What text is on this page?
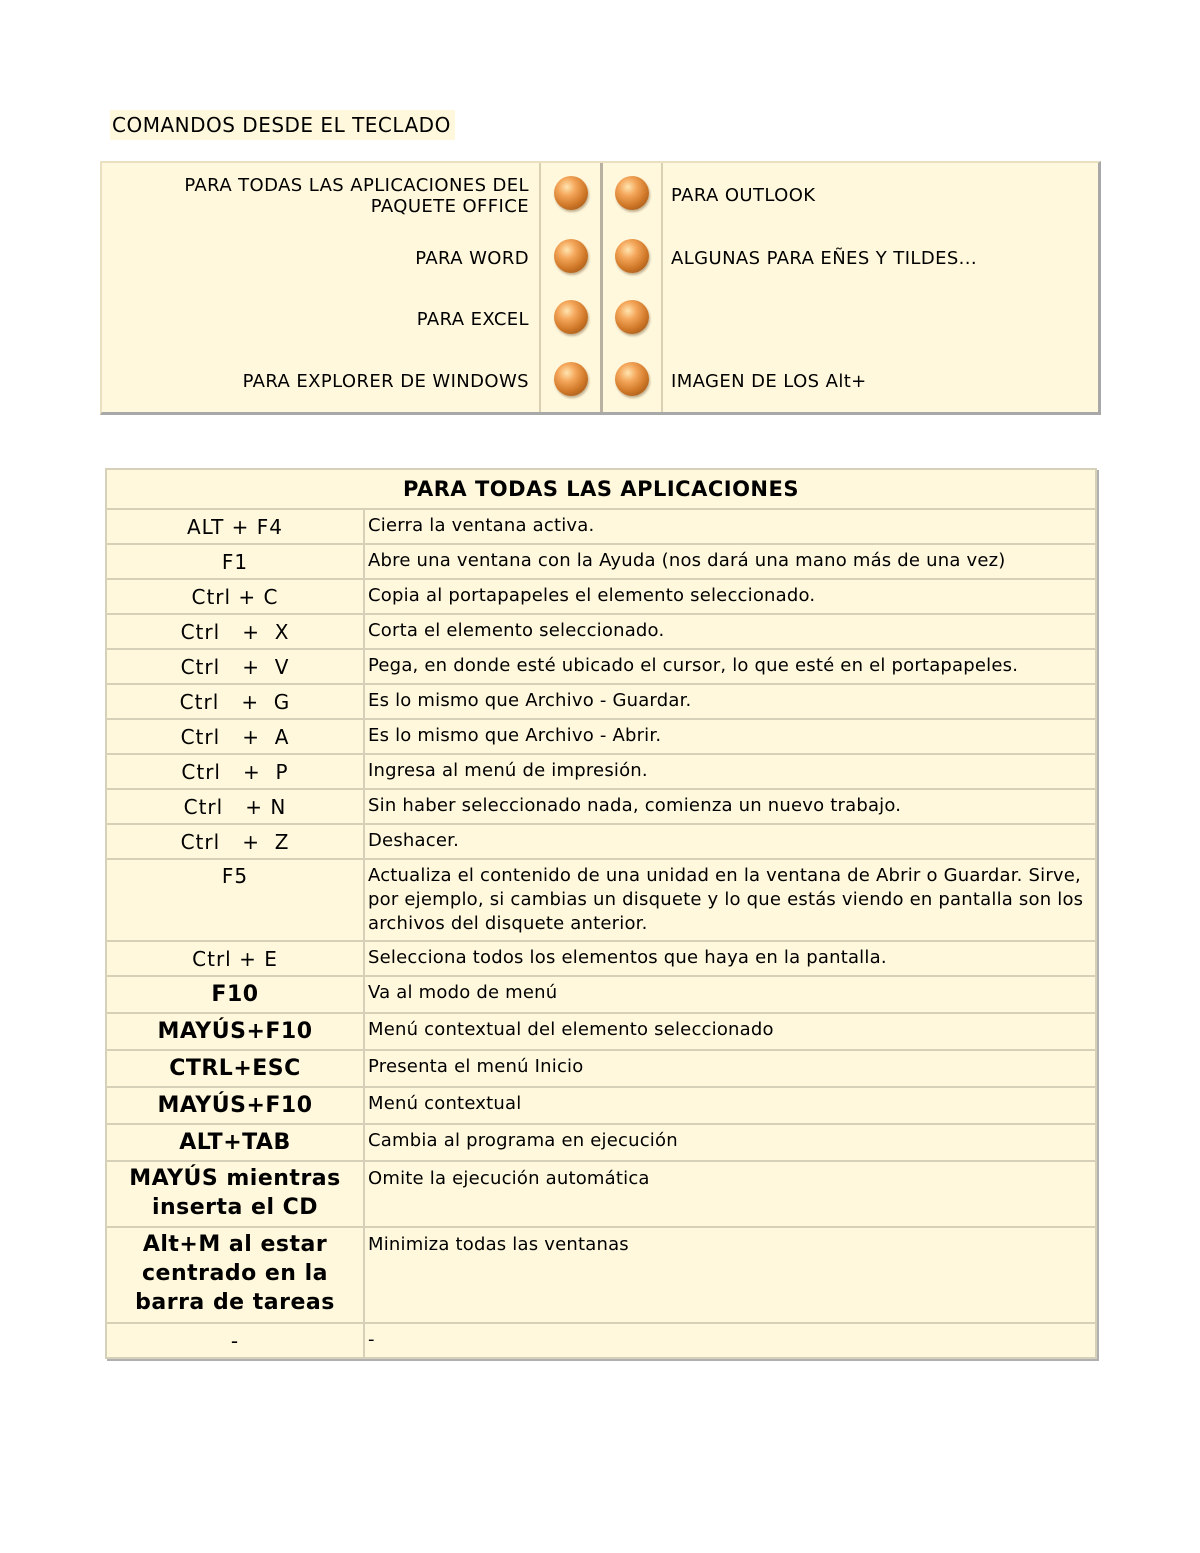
COMANDOS DESDE EL TECLADO
PARA TODAS LAS APLICACIONES DEL
PAQUETE OFFICE			PARA OUTLOOK
PARA WORD			ALGUNAS PARA EÑES Y TILDES...
PARA EXCEL			
PARA EXPLORER DE WINDOWS			IMAGEN DE LOS Alt+
PARA TODAS LAS APLICACIONES	
ALT + F4	Cierra la ventana activa.
F1	Abre una ventana con la Ayuda (nos dará una mano más de una vez)
Ctrl + C	Copia al portapapeles el elemento seleccionado.
Ctrl   +  X	Corta el elemento seleccionado.
Ctrl   +  V	Pega, en donde esté ubicado el cursor, lo que esté en el portapapeles.
Ctrl   +  G	Es lo mismo que Archivo - Guardar.
Ctrl   +  A	Es lo mismo que Archivo - Abrir.
Ctrl   +  P	Ingresa al menú de impresión.
Ctrl   + N	Sin haber seleccionado nada, comienza un nuevo trabajo.
Ctrl   +  Z	Deshacer.
F5	Actualiza el contenido de una unidad en la ventana de Abrir o Guardar. Sirve, por ejemplo, si cambias un disquete y lo que estás viendo en pantalla son los archivos del disquete anterior.
Ctrl + E	Selecciona todos los elementos que haya en la pantalla.
F10	Va al modo de menú
MAYÚS+F10	Menú contextual del elemento seleccionado
CTRL+ESC	Presenta el menú Inicio
MAYÚS+F10	Menú contextual
ALT+TAB	Cambia al programa en ejecución
MAYÚS mientras inserta el CD	Omite la ejecución automática
Alt+M al estar centrado en la barra de tareas	Minimiza todas las ventanas
-	-
